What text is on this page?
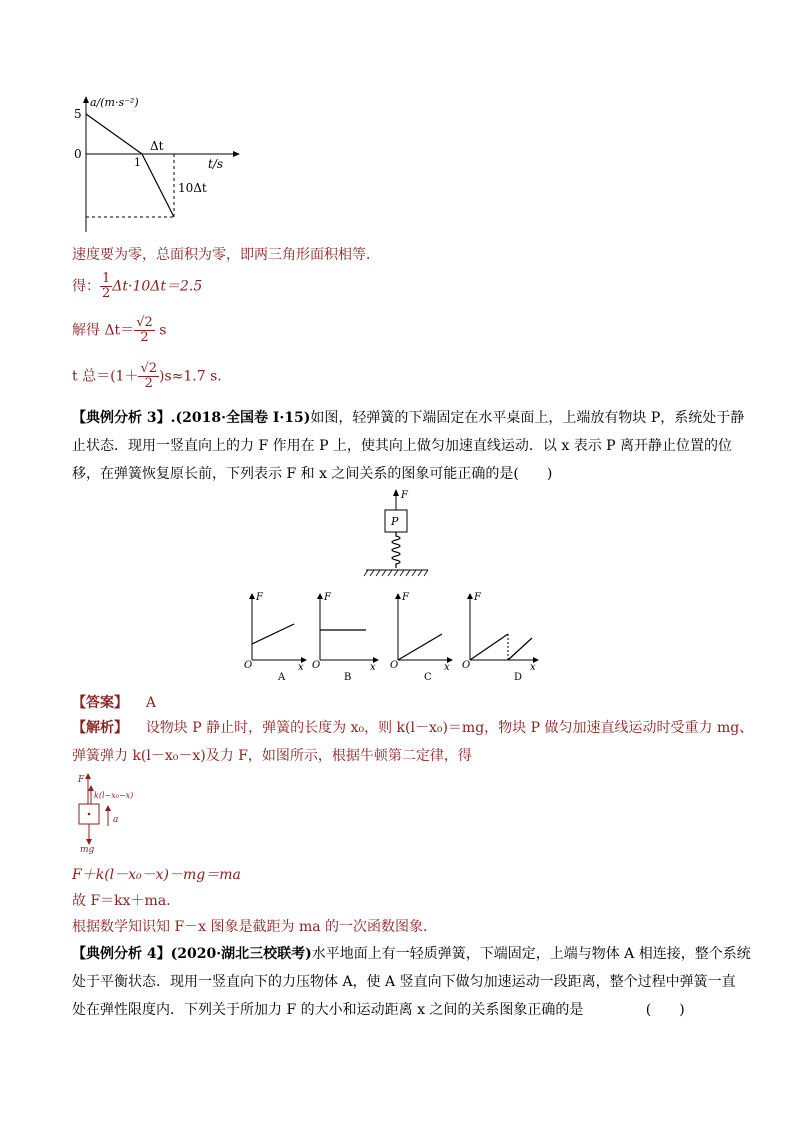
a/(m·s⁻²)
5
0
1
Δt
t/s
10Δt
速度要为零，总面积为零，即两三角形面积相等．
得： $\frac{1}{2} \Delta t\cdot 10\Delta t=2.5$
解得 $\Delta t= \frac{√2}{2}$ s
t 总$=(1+ \frac{√2}{2} )s\approx 1.7$ s.
【典例分析 3】.(2018·全国卷 Ⅰ·15)如图，轻弹簧的下端固定在水平桌面上，上端放有物块 P，系统处于静
止状态．现用一竖直向上的力 F 作用在 P 上，使其向上做匀加速直线运动．以 x 表示 P 离开静止位置的位
移，在弹簧恢复原长前，下列表示 F 和 x 之间关系的图象可能正确的是(　　)
F
P
F
O	x
A
F
O	x
B
F
O	x
C
F
O	x
D
【答案】 A
【解析】 设物块 P 静止时，弹簧的长度为 x₀，则 k(l－x₀)＝mg，物块 P 做匀加速直线运动时受重力 mg、
弹簧弹力 k(l－x₀－x)及力 F，如图所示，根据牛顿第二定律，得
F
k(l−x₀−x)
mg
a
F＋k(l－x₀－x)－mg＝ma
故 F＝kx＋ma.
根据数学知识知 F－x 图象是截距为 ma 的一次函数图象．
【典例分析 4】(2020·湖北三校联考)水平地面上有一轻质弹簧，下端固定，上端与物体 A 相连接，整个系统
处于平衡状态．现用一竖直向下的力压物体 A，使 A 竖直向下做匀加速运动一段距离，整个过程中弹簧一直
处在弹性限度内．下列关于所加力 F 的大小和运动距离 x 之间的关系图象正确的是	(　　)
